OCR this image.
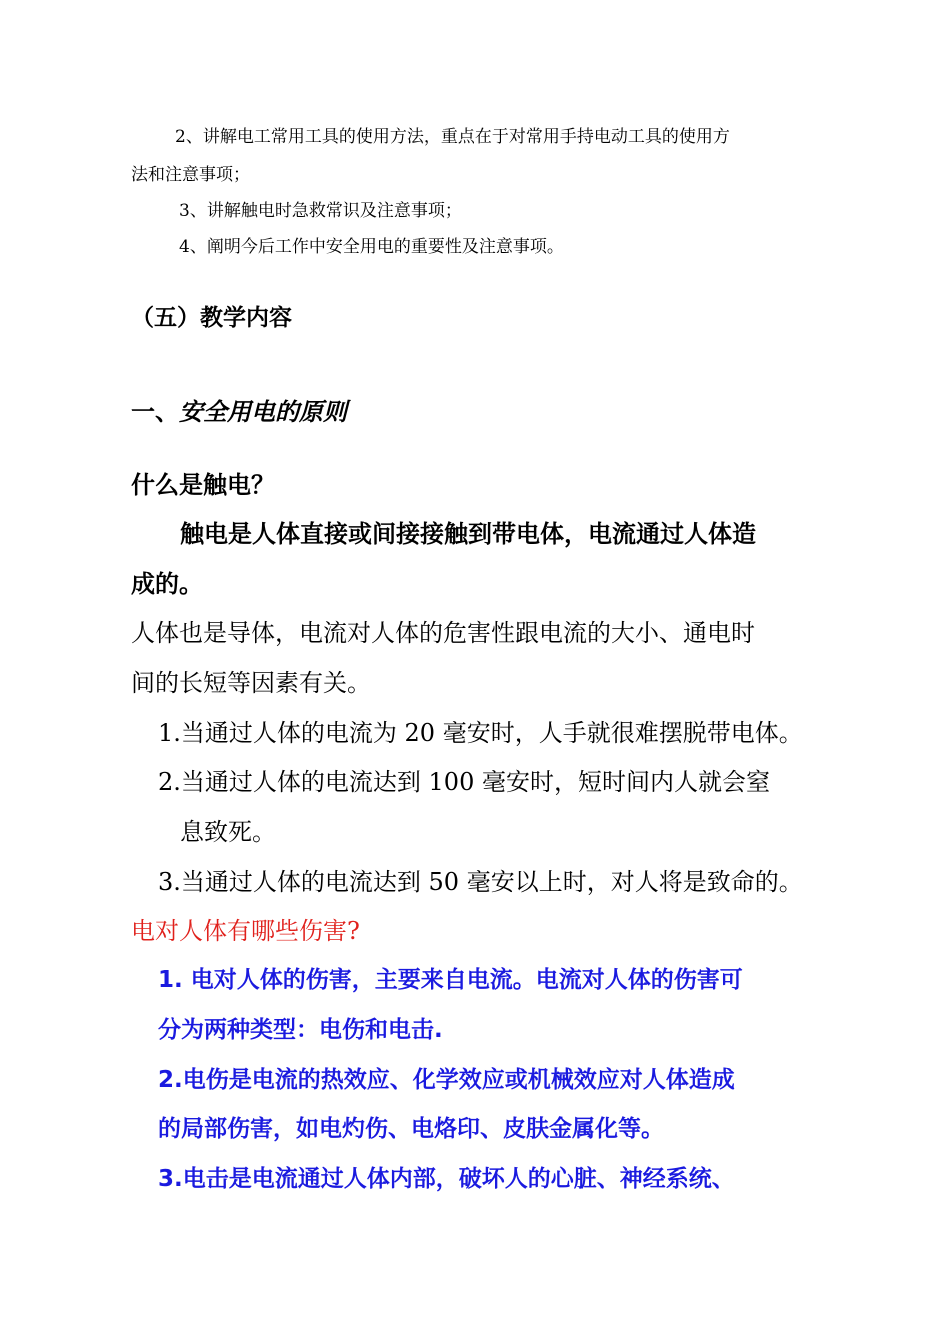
2、讲解电工常用工具的使用方法，重点在于对常用手持电动工具的使用方
法和注意事项；
3、讲解触电时急救常识及注意事项；
4、阐明今后工作中安全用电的重要性及注意事项。
（五）教学内容
一、安全用电的原则
什么是触电？
触电是人体直接或间接接触到带电体，电流通过人体造
成的。
人体也是导体，电流对人体的危害性跟电流的大小、通电时
间的长短等因素有关。
1.当通过人体的电流为 20 毫安时，人手就很难摆脱带电体。
2.当通过人体的电流达到 100 毫安时，短时间内人就会窒
息致死。
3.当通过人体的电流达到 50 毫安以上时，对人将是致命的。
电对人体有哪些伤害?
1. 电对人体的伤害，主要来自电流。电流对人体的伤害可
分为两种类型：电伤和电击.
2.电伤是电流的热效应、化学效应或机械效应对人体造成
的局部伤害，如电灼伤、电烙印、皮肤金属化等。
3.电击是电流通过人体内部，破坏人的心脏、神经系统、
